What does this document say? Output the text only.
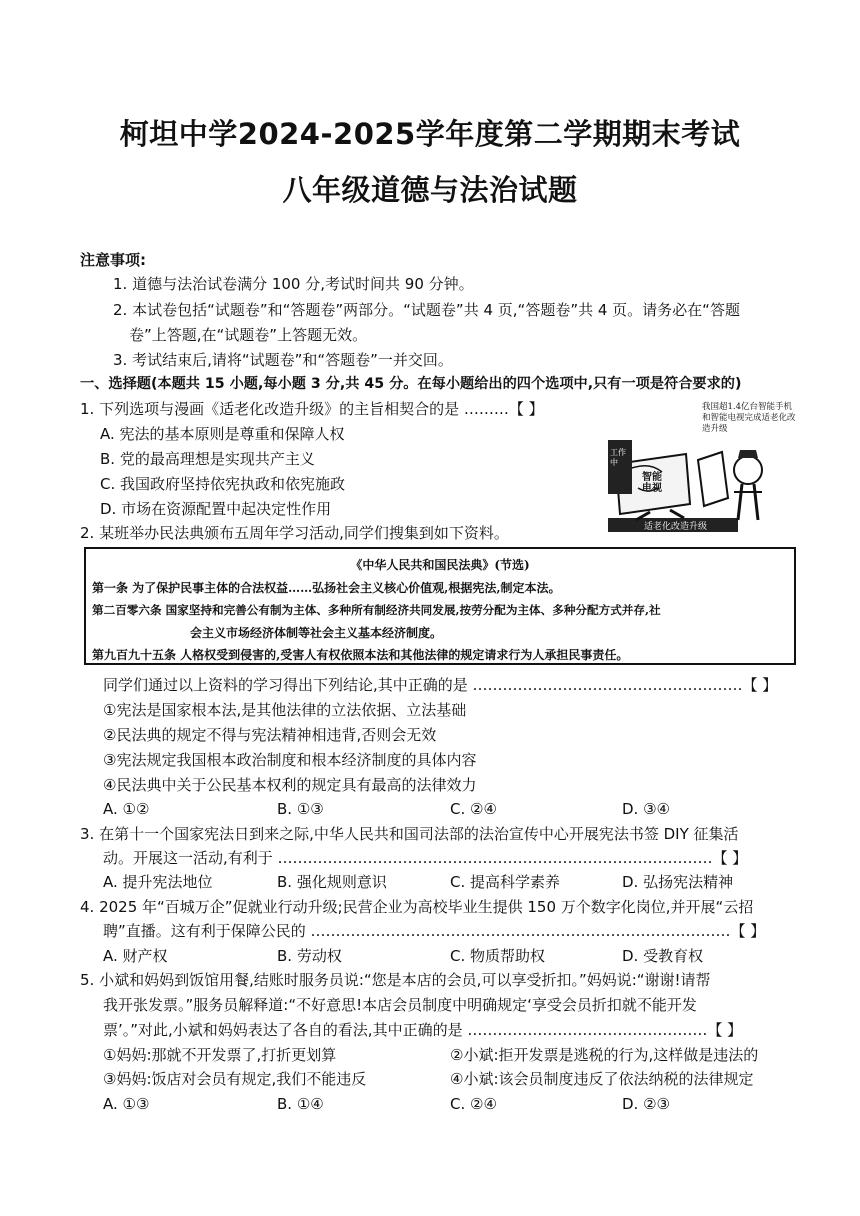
柯坦中学2024-2025学年度第二学期期末考试
八年级道德与法治试题
注意事项:
1. 道德与法治试卷满分 100 分,考试时间共 90 分钟。
2. 本试卷包括“试题卷”和“答题卷”两部分。“试题卷”共 4 页,“答题卷”共 4 页。请务必在“答题
卷”上答题,在“试题卷”上答题无效。
3. 考试结束后,请将“试题卷”和“答题卷”一并交回。
一、选择题(本题共 15 小题,每小题 3 分,共 45 分。在每小题给出的四个选项中,只有一项是符合要求的)
1. 下列选项与漫画《适老化改造升级》的主旨相契合的是 ………【 】
A. 宪法的基本原则是尊重和保障人权
B. 党的最高理想是实现共产主义
C. 我国政府坚持依宪执政和依宪施政
D. 市场在资源配置中起决定性作用
我国超1.4亿台智能手机和智能电视完成适老化改造升级
智能电视
工作中
适老化改造升级
2. 某班举办民法典颁布五周年学习活动,同学们搜集到如下资料。
《中华人民共和国民法典》(节选)
第一条 为了保护民事主体的合法权益……弘扬社会主义核心价值观,根据宪法,制定本法。
第二百零六条 国家坚持和完善公有制为主体、多种所有制经济共同发展,按劳分配为主体、多种分配方式并存,社
会主义市场经济体制等社会主义基本经济制度。
第九百九十五条 人格权受到侵害的,受害人有权依照本法和其他法律的规定请求行为人承担民事责任。
同学们通过以上资料的学习得出下列结论,其中正确的是 ………………………………………………【 】
①宪法是国家根本法,是其他法律的立法依据、立法基础
②民法典的规定不得与宪法精神相违背,否则会无效
③宪法规定我国根本政治制度和根本经济制度的具体内容
④民法典中关于公民基本权利的规定具有最高的法律效力
A. ①②	B. ①③	C. ②④	D. ③④
3. 在第十一个国家宪法日到来之际,中华人民共和国司法部的法治宣传中心开展宪法书签 DIY 征集活
动。开展这一活动,有利于 ……………………………………………………………………………【 】
A. 提升宪法地位	B. 强化规则意识	C. 提高科学素养	D. 弘扬宪法精神
4. 2025 年“百城万企”促就业行动升级;民营企业为高校毕业生提供 150 万个数字化岗位,并开展“云招
聘”直播。这有利于保障公民的 …………………………………………………………………………【 】
A. 财产权	B. 劳动权	C. 物质帮助权	D. 受教育权
5. 小斌和妈妈到饭馆用餐,结账时服务员说:“您是本店的会员,可以享受折扣。”妈妈说:“谢谢!请帮
我开张发票。”服务员解释道:“不好意思!本店会员制度中明确规定‘享受会员折扣就不能开发
票’。”对此,小斌和妈妈表达了各自的看法,其中正确的是 …………………………………………【 】
①妈妈:那就不开发票了,打折更划算	②小斌:拒开发票是逃税的行为,这样做是违法的
③妈妈:饭店对会员有规定,我们不能违反	④小斌:该会员制度违反了依法纳税的法律规定
A. ①③	B. ①④	C. ②④	D. ②③
